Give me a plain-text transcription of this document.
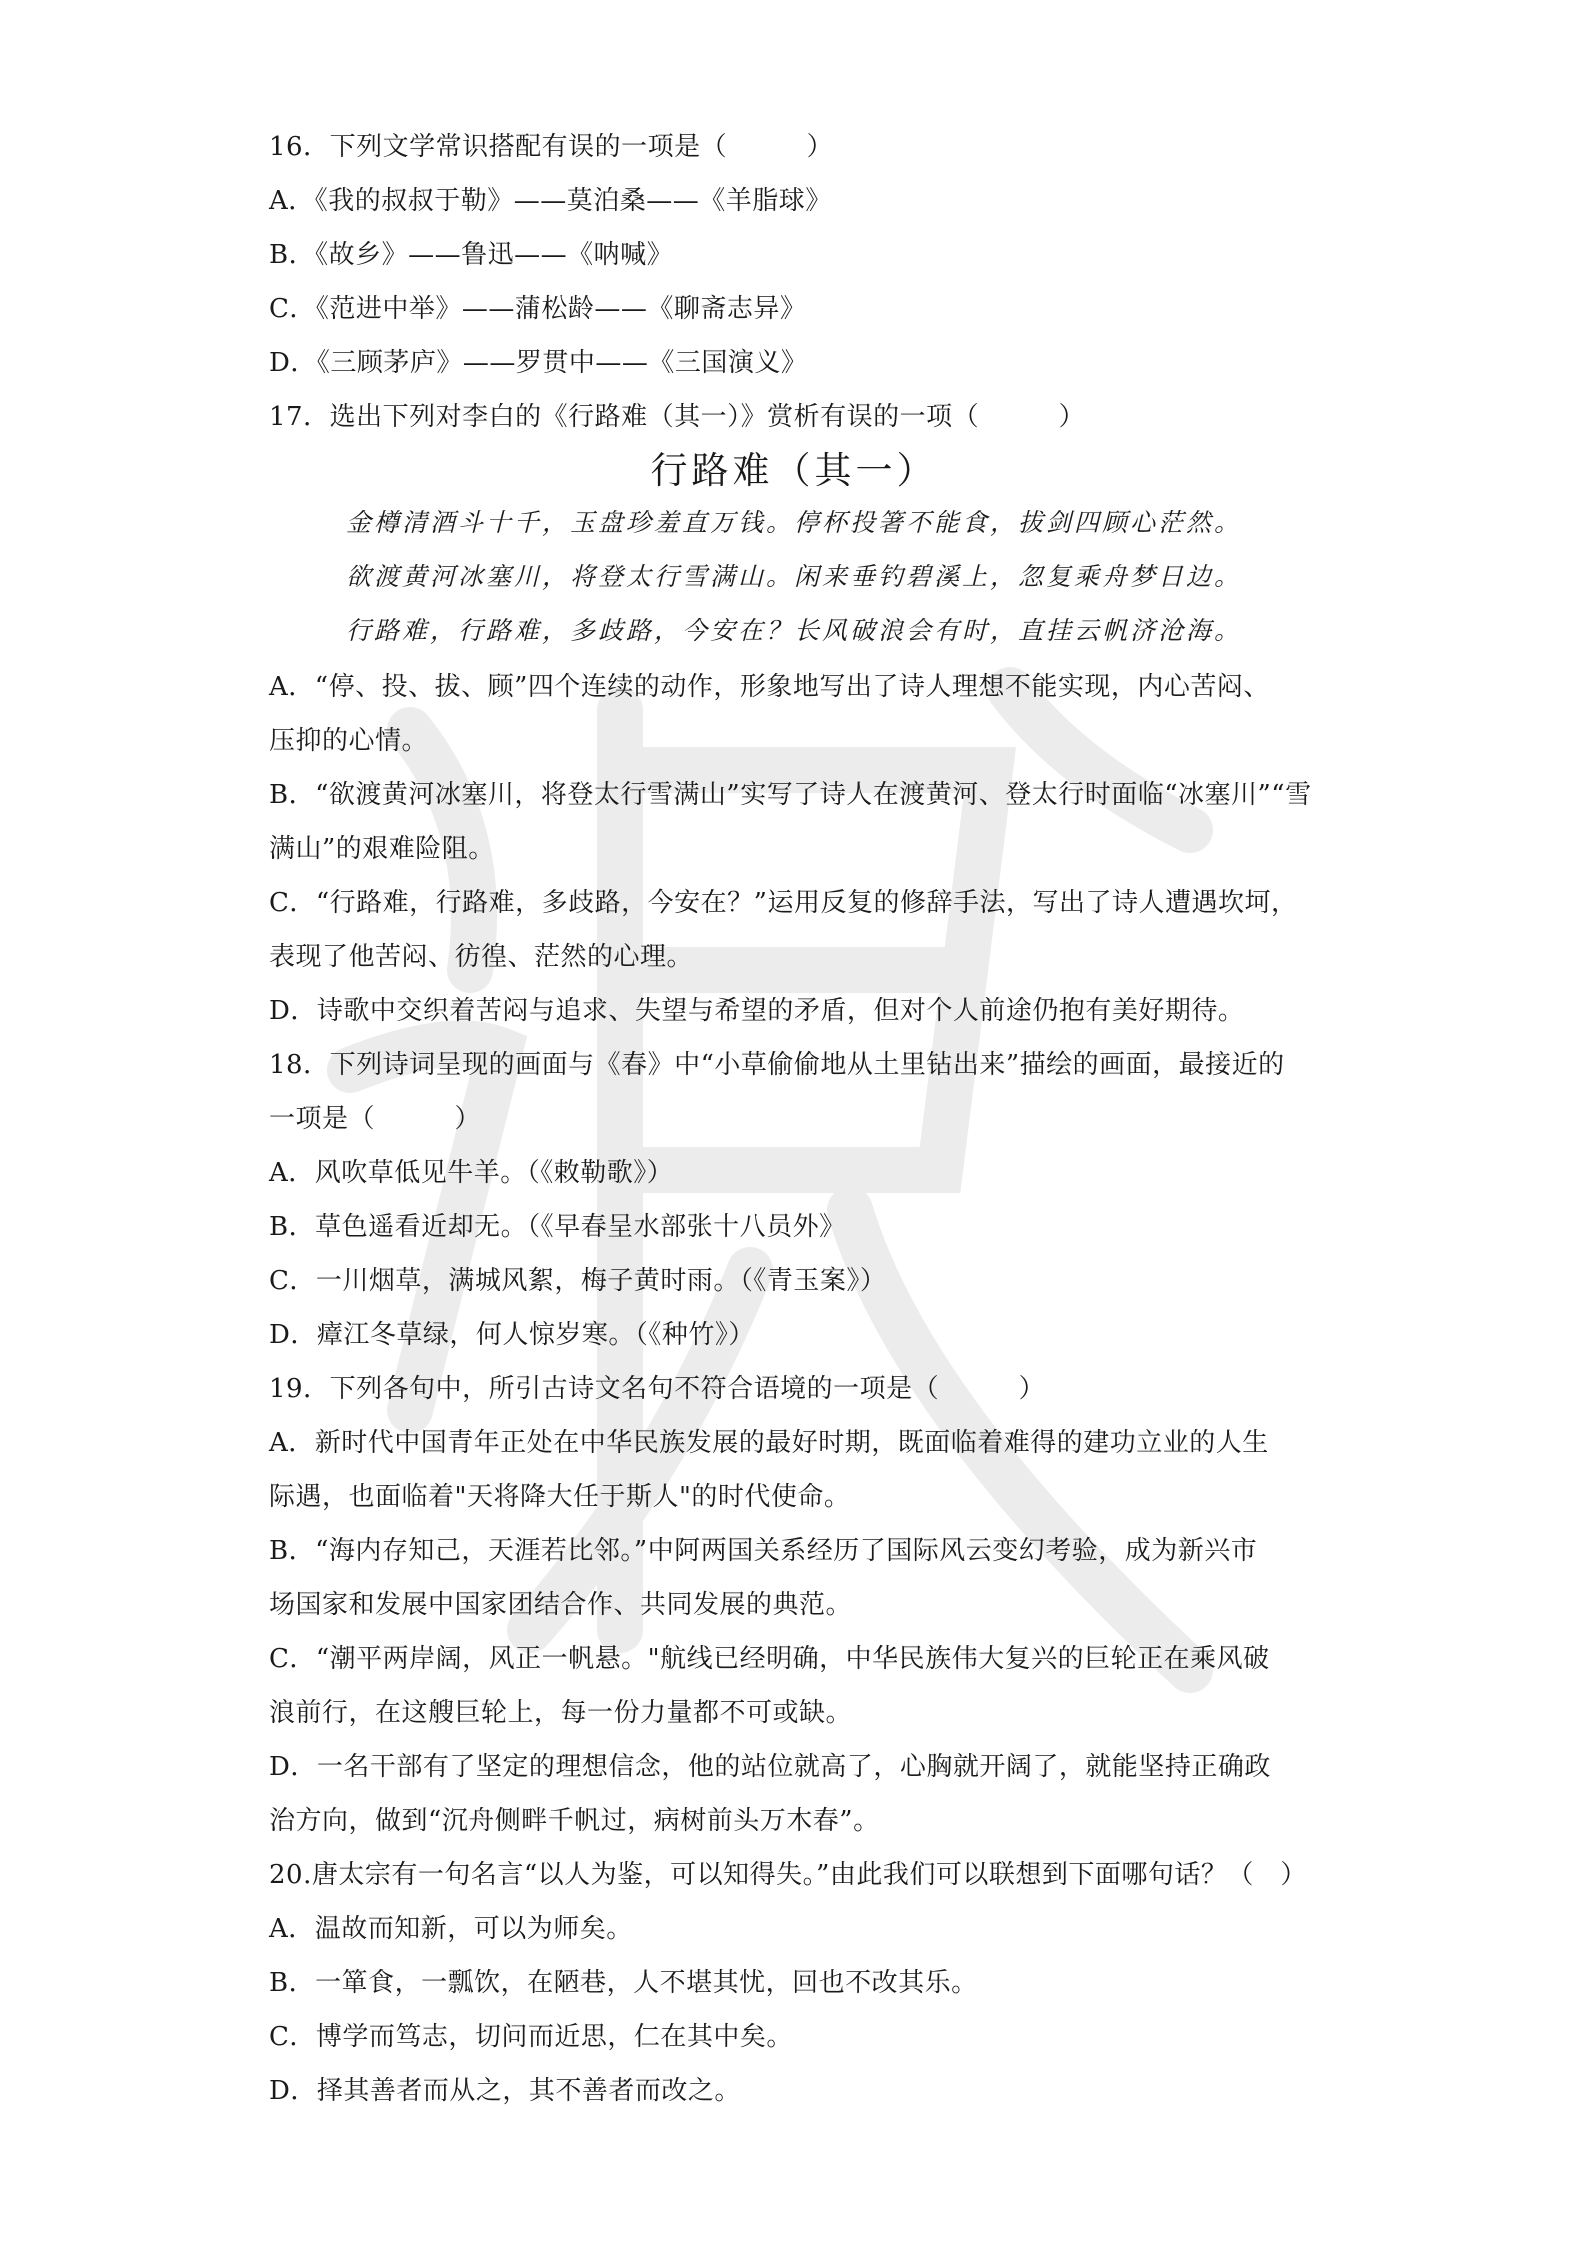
16．下列文学常识搭配有误的一项是（　　　）
A．《我的叔叔于勒》——莫泊桑——《羊脂球》
B．《故乡》——鲁迅——《呐喊》
C．《范进中举》——蒲松龄——《聊斋志异》
D．《三顾茅庐》——罗贯中——《三国演义》
17．选出下列对李白的《行路难（其一）》赏析有误的一项（　　　）
行路难（其一）
金樽清酒斗十千，玉盘珍羞直万钱。停杯投箸不能食，拔剑四顾心茫然。
欲渡黄河冰塞川，将登太行雪满山。闲来垂钓碧溪上，忽复乘舟梦日边。
行路难，行路难，多歧路，今安在？长风破浪会有时，直挂云帆济沧海。
A．“停、投、拔、顾”四个连续的动作，形象地写出了诗人理想不能实现，内心苦闷、
压抑的心情。
B．“欲渡黄河冰塞川，将登太行雪满山”实写了诗人在渡黄河、登太行时面临“冰塞川”“雪
满山”的艰难险阻。
C．“行路难，行路难，多歧路，今安在？”运用反复的修辞手法，写出了诗人遭遇坎坷，
表现了他苦闷、彷徨、茫然的心理。
D．诗歌中交织着苦闷与追求、失望与希望的矛盾，但对个人前途仍抱有美好期待。
18．下列诗词呈现的画面与《春》中“小草偷偷地从土里钻出来”描绘的画面，最接近的
一项是（　　　）
A．风吹草低见牛羊。（《敕勒歌》）
B．草色遥看近却无。（《早春呈水部张十八员外》
C．一川烟草，满城风絮，梅子黄时雨。（《青玉案》）
D．瘴江冬草绿，何人惊岁寒。（《种竹》）
19．下列各句中，所引古诗文名句不符合语境的一项是（　　　）
A．新时代中国青年正处在中华民族发展的最好时期，既面临着难得的建功立业的人生
际遇，也面临着"天将降大任于斯人"的时代使命。
B．“海内存知己，天涯若比邻。”中阿两国关系经历了国际风云变幻考验，成为新兴市
场国家和发展中国家团结合作、共同发展的典范。
C．“潮平两岸阔，风正一帆悬。"航线已经明确，中华民族伟大复兴的巨轮正在乘风破
浪前行，在这艘巨轮上，每一份力量都不可或缺。
D．一名干部有了坚定的理想信念，他的站位就高了，心胸就开阔了，就能坚持正确政
治方向，做到“沉舟侧畔千帆过，病树前头万木春”。
20.唐太宗有一句名言“以人为鉴，可以知得失。”由此我们可以联想到下面哪句话？（　）
A．温故而知新，可以为师矣。
B．一箪食，一瓢饮，在陋巷，人不堪其忧，回也不改其乐。
C．博学而笃志，切问而近思，仁在其中矣。
D．择其善者而从之，其不善者而改之。
